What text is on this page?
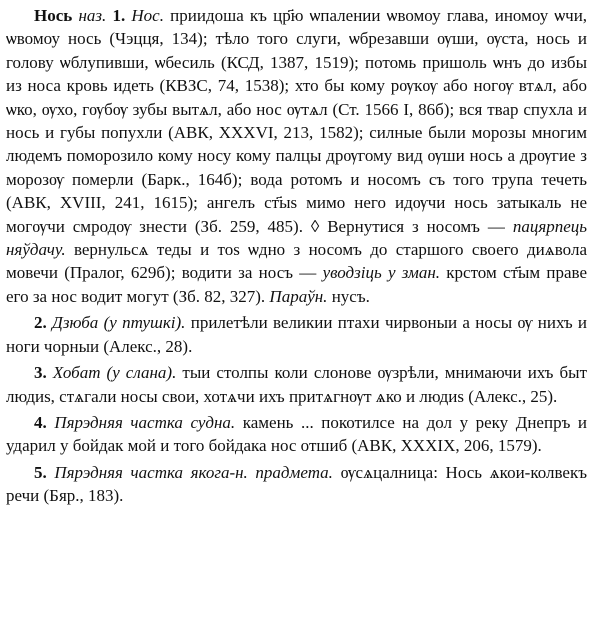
Нось наз. 1. Нос. приидоша къ цр҃ю ѡпалении ѡвомоу глава, иномоу ѡчи, ѡвомоу нось (Чэцця, 134); тѣло того слуги, ѡбрезавши ѹши, ѹста, нось и голову ѡблупивши, ѡбесиль (КСД, 1387, 1519); потомь пришоль ѡнъ до избы из носа кровь идеть (КВЗС, 74, 1538); хто бы кому рѹкѹ або ногѹ втѧл, або ѡко, ѹхо, гѹбѹ зубы вытѧл, або нос ѹтѧл (Ст. 1566 І, 86б); вся твар спухла и нось и губы попухли (АВК, XXXVI, 213, 1582); силные были морозы многим людемъ поморозило кому носу кому палцы дрѹгому вид ѹши нось а дрѹгие з морозѹ померли (Барк., 164б); вода ротомъ и носомъ съ того трупа течеть (АВК, XVIII, 241, 1615); ангелъ ст҃ыѕ мимо него идѹчи нось затыкаль не могѹчи смродѹ знести (Зб. 259, 485). ◊ Вернутися з носомъ — пацярпець няўдачу. вернульсѧ теды и тоѕ ѡдно з носомъ до старшого своего диѧвола мовечи (Пралог, 629б); водити за носъ — уводзіць у зман. крстом ст҃ым праве его за нос водит могут (Зб. 82, 327). Параўн. нусъ.

2. Дзюба (у птушкі). прилетѣли великии птахи чирвоныи а носы ѹ нихъ и ноги чорныи (Алекс., 28).

3. Хобат (у слана). тыи столпы коли слонове ѹзрѣли, мнимаючи ихъ быт людиѕ, стѧгали носы свои, хотѧчи ихъ притѧгнѹт ѧко и людиѕ (Алекс., 25).

4. Пярэдняя частка судна. камень ... покотилсе на дол у реку Днепръ и ударил у бойдак мой и того бойдака нос отшиб (АВК, XXXIX, 206, 1579).

5. Пярэдняя частка якога-н. прадмета. ѹсѧцалница: Нось ѧкои-колвекъ речи (Бяр., 183).
